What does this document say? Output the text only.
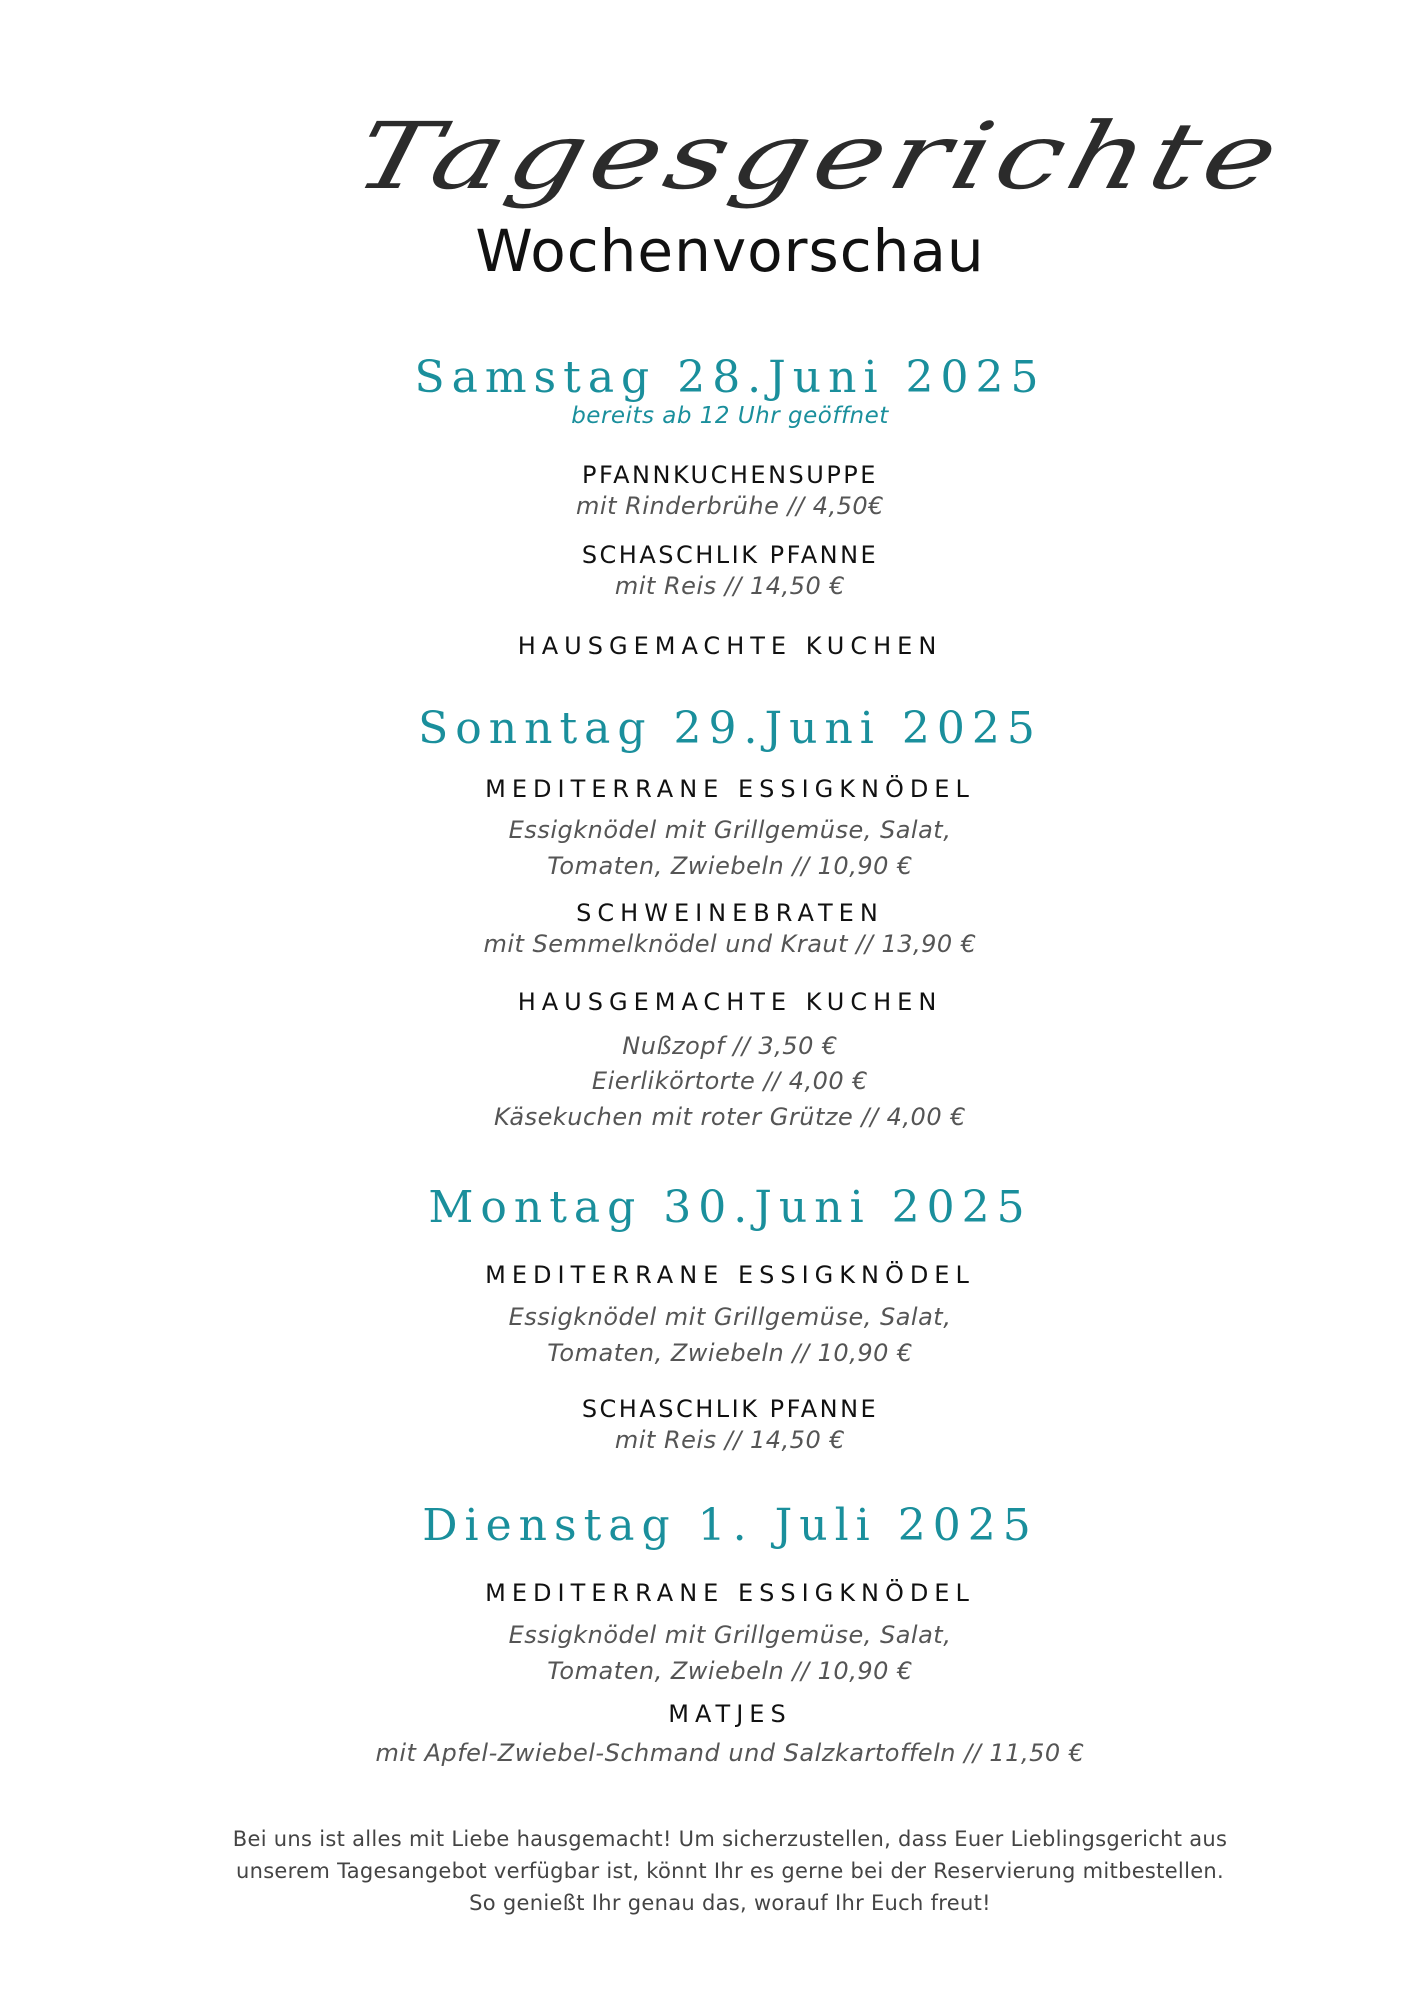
Tagesgerichte
Wochenvorschau
Samstag 28.Juni 2025
bereits ab 12 Uhr geöffnet
PFANNKUCHENSUPPE
mit Rinderbrühe // 4,50€
SCHASCHLIK PFANNE
mit Reis // 14,50 €
HAUSGEMACHTE KUCHEN
Sonntag 29.Juni 2025
MEDITERRANE ESSIGKNÖDEL
Essigknödel mit Grillgemüse, Salat,
Tomaten, Zwiebeln // 10,90 €
SCHWEINEBRATEN
mit Semmelknödel und Kraut // 13,90 €
HAUSGEMACHTE KUCHEN
Nußzopf // 3,50 €
Eierlikörtorte // 4,00 €
Käsekuchen mit roter Grütze // 4,00 €
Montag 30.Juni 2025
MEDITERRANE ESSIGKNÖDEL
Essigknödel mit Grillgemüse, Salat,
Tomaten, Zwiebeln // 10,90 €
SCHASCHLIK PFANNE
mit Reis // 14,50 €
Dienstag 1. Juli 2025
MEDITERRANE ESSIGKNÖDEL
Essigknödel mit Grillgemüse, Salat,
Tomaten, Zwiebeln // 10,90 €
MATJES
mit Apfel-Zwiebel-Schmand und Salzkartoffeln // 11,50 €
Bei uns ist alles mit Liebe hausgemacht! Um sicherzustellen, dass Euer Lieblingsgericht aus
unserem Tagesangebot verfügbar ist, könnt Ihr es gerne bei der Reservierung mitbestellen.
So genießt Ihr genau das, worauf Ihr Euch freut!
